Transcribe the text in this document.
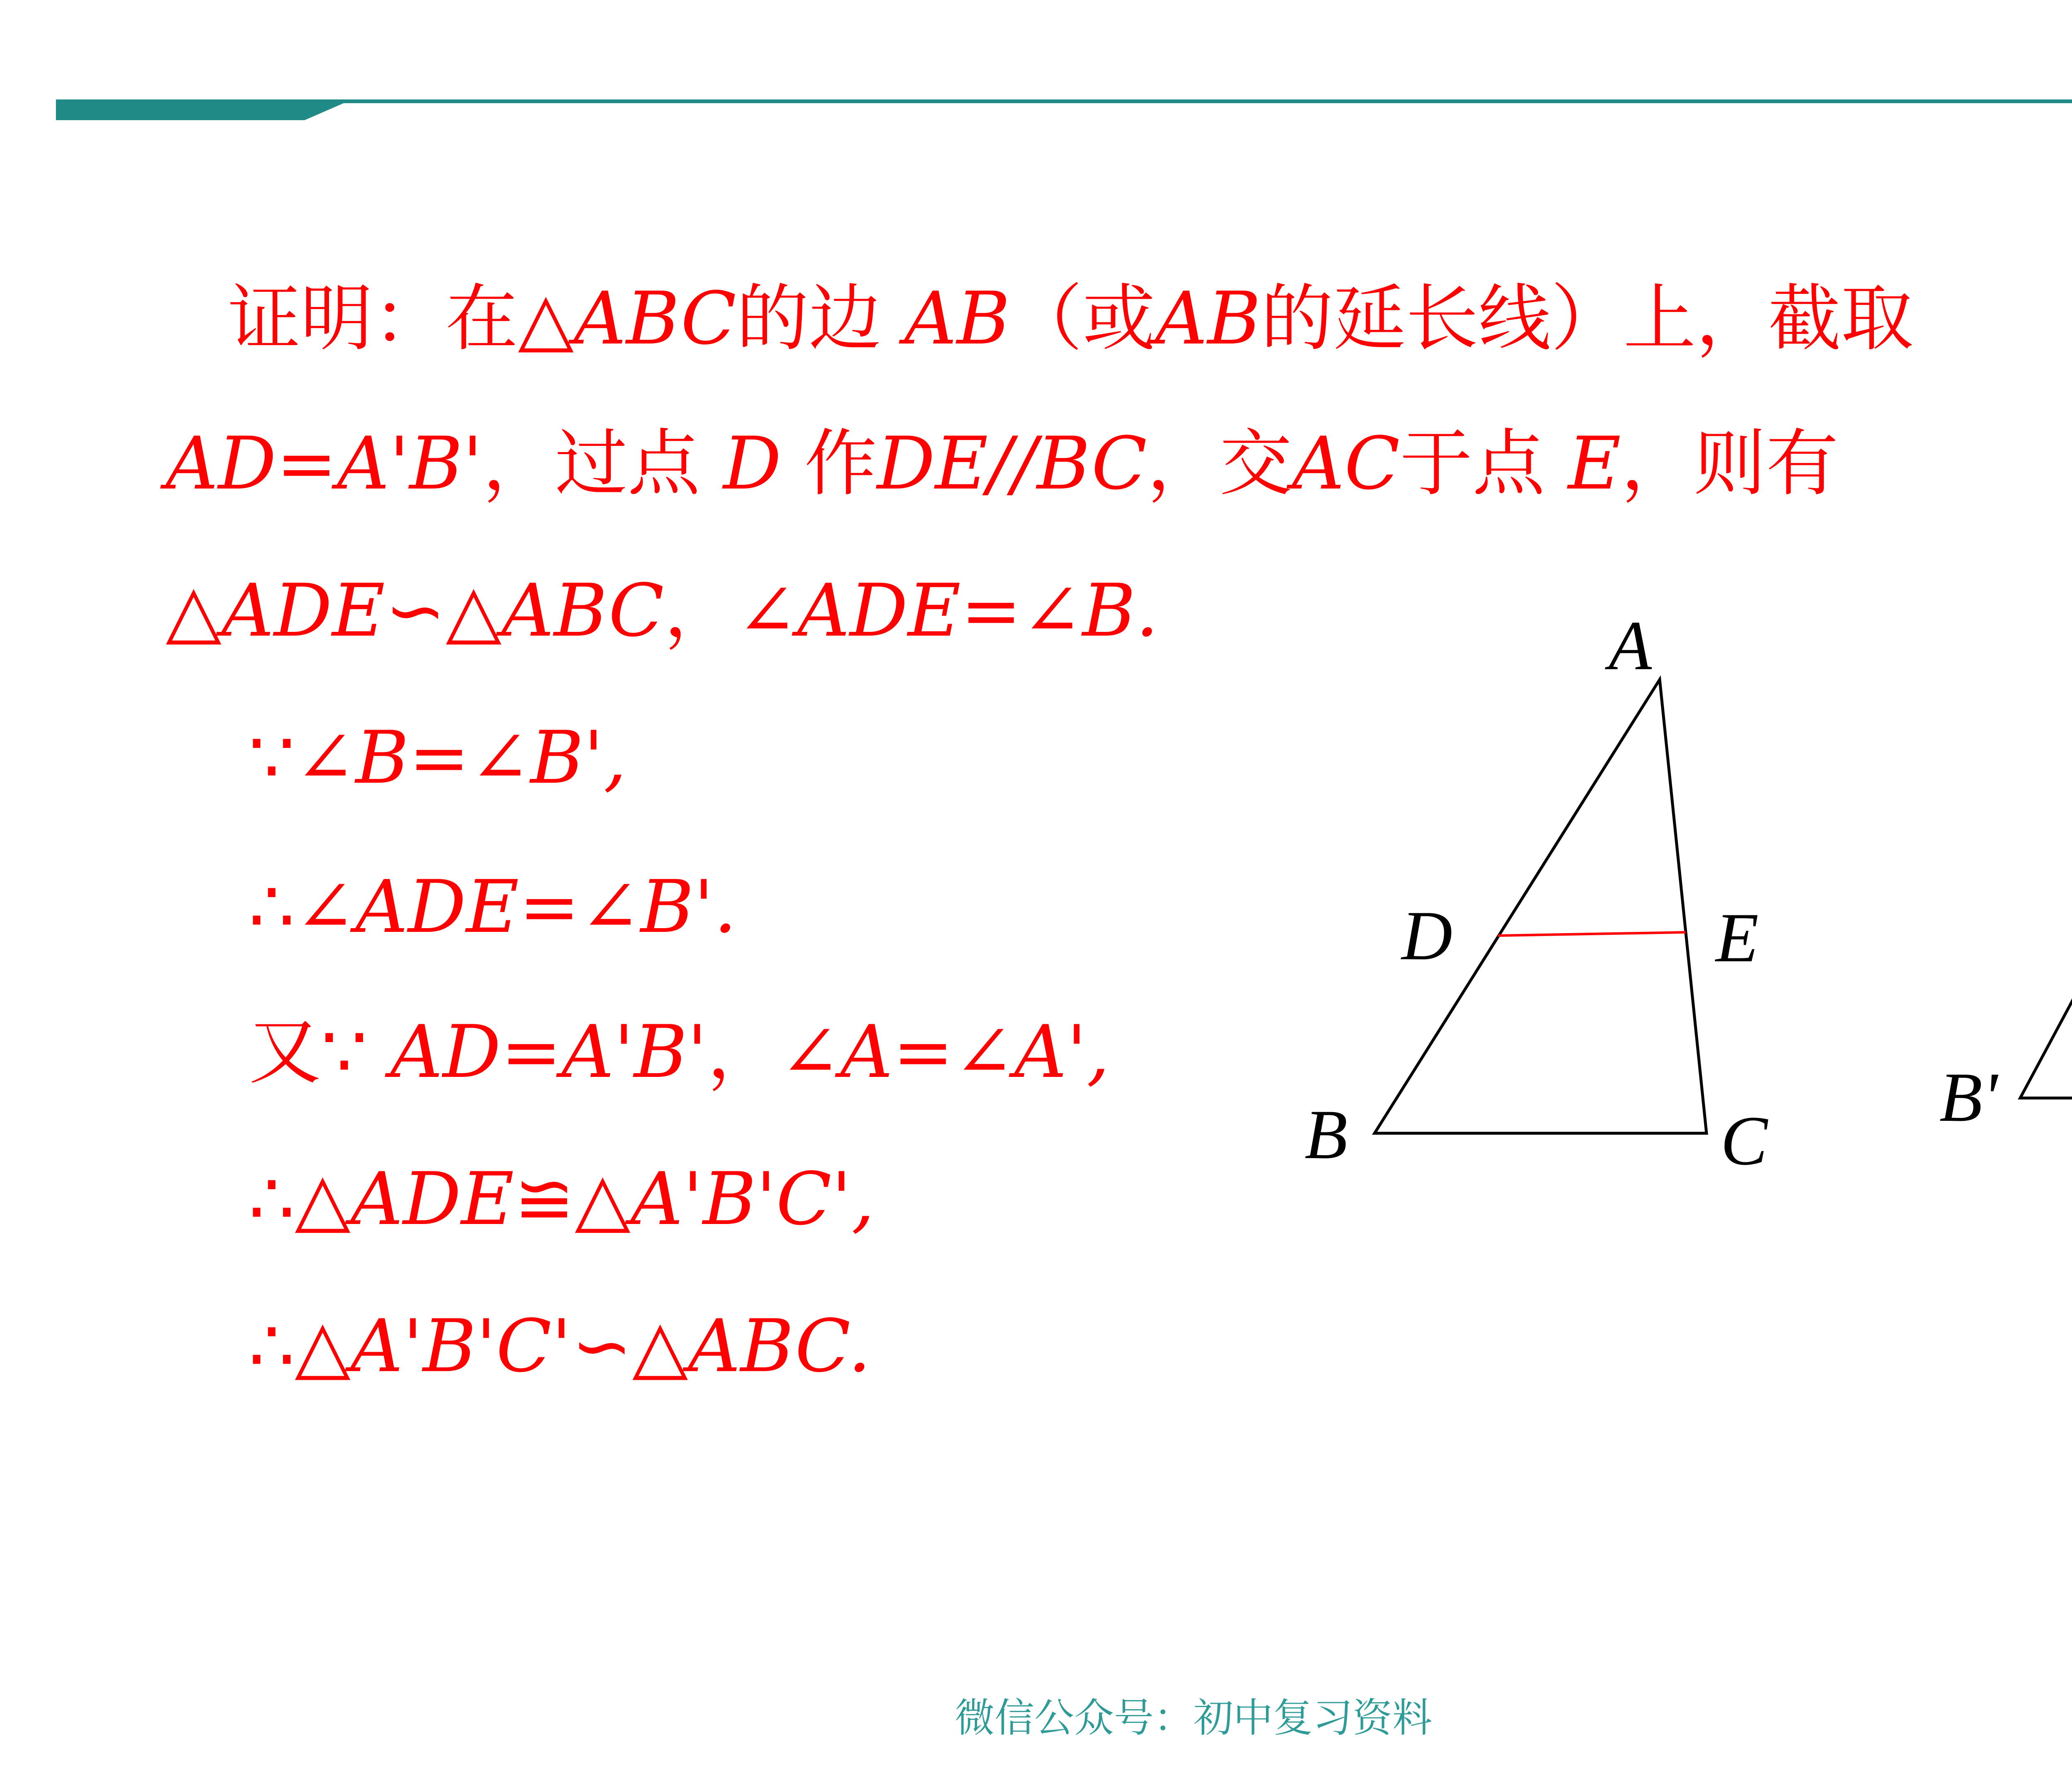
证明：在△ABC的边 AB（或AB的延长线）上，截取
AD=A'B'，过点 D 作DE//BC，交AC于点 E，则有
△ADE∽△ABC，∠ADE=∠B.
∵∠B=∠B',
∴∠ADE=∠B'.
又∵ AD=A'B'，∠A=∠A',
∴△ADE≌△A'B'C',
∴△A'B'C'∽△ABC.
A
D	E
B	C
B'
微信公众号：初中复习资料
